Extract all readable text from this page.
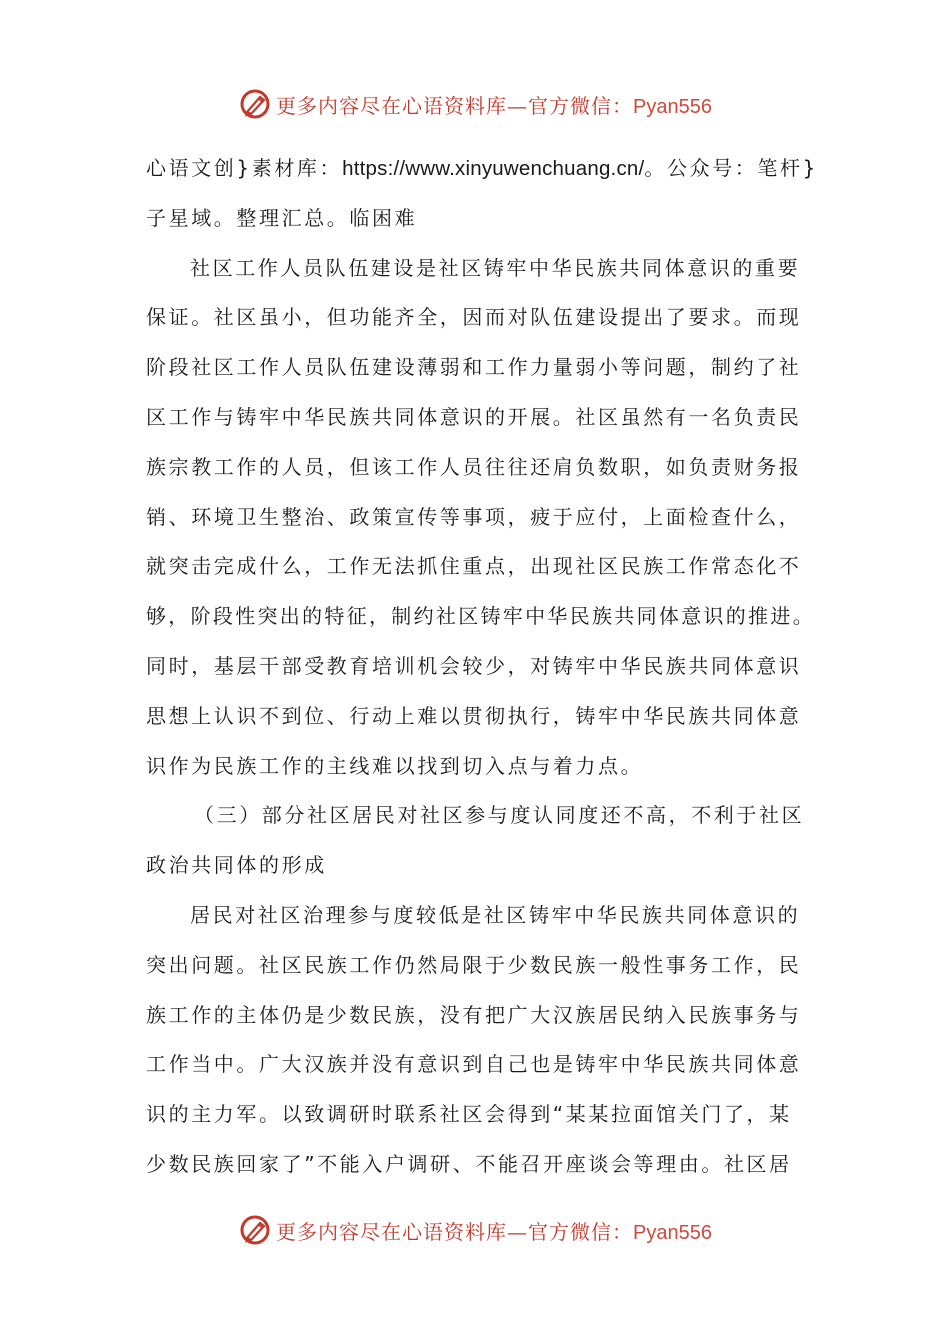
更多内容尽在心语资料库—官方微信：Pyan556
心语文创}素材库：https://www.xinyuwenchuang.cn/。公众号：笔杆}
子星域。整理汇总。临困难
社区工作人员队伍建设是社区铸牢中华民族共同体意识的重要
保证。社区虽小，但功能齐全，因而对队伍建设提出了要求。而现
阶段社区工作人员队伍建设薄弱和工作力量弱小等问题，制约了社
区工作与铸牢中华民族共同体意识的开展。社区虽然有一名负责民
族宗教工作的人员，但该工作人员往往还肩负数职，如负责财务报
销、环境卫生整治、政策宣传等事项，疲于应付，上面检查什么，
就突击完成什么，工作无法抓住重点，出现社区民族工作常态化不
够，阶段性突出的特征，制约社区铸牢中华民族共同体意识的推进。
同时，基层干部受教育培训机会较少，对铸牢中华民族共同体意识
思想上认识不到位、行动上难以贯彻执行，铸牢中华民族共同体意
识作为民族工作的主线难以找到切入点与着力点。
（三）部分社区居民对社区参与度认同度还不高，不利于社区
政治共同体的形成
居民对社区治理参与度较低是社区铸牢中华民族共同体意识的
突出问题。社区民族工作仍然局限于少数民族一般性事务工作，民
族工作的主体仍是少数民族，没有把广大汉族居民纳入民族事务与
工作当中。广大汉族并没有意识到自己也是铸牢中华民族共同体意
识的主力军。以致调研时联系社区会得到“某某拉面馆关门了，某
少数民族回家了”不能入户调研、不能召开座谈会等理由。社区居
更多内容尽在心语资料库—官方微信：Pyan556
